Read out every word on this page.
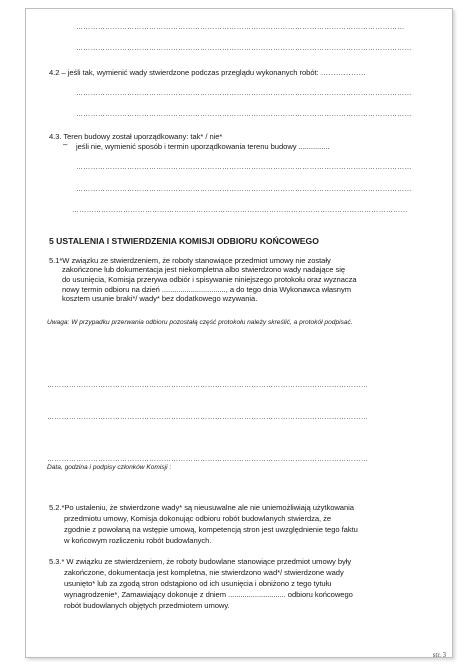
………………………………………………………………………………………………………………………
…………………………………………………………………………………………………………………………
4.2 – jeśli tak, wymienić wady stwierdzone podczas przeglądu wykonanych robót: ………………
…………………………………………………………………………………………………………………………
…………………………………………………………………………………………………………………………
4.3. Teren budowy został uporządkowany: tak* / nie*
– jeśli nie, wymienić sposób i termin uporządkowania terenu budowy ...............
…………………………………………………………………………………………………………………………
…………………………………………………………………………………………………………………………
…………………………………………………………………………………………………………………………
5 USTALENIA I STWIERDZENIA KOMISJI ODBIORU KOŃCOWEGO
5.1*W związku ze stwierdzeniem, że roboty stanowiące przedmiot umowy nie zostały
zakończone lub dokumentacja jest niekompletna albo stwierdzono wady nadające się
do usunięcia, Komisja przerywa odbiór i spisywanie niniejszego protokołu oraz wyznacza
nowy termin odbioru na dzień ..............................., a do tego dnia Wykonawca własnym
kosztem usunie braki*/ wady* bez dodatkowego wzywania.
Uwaga: W przypadku przerwania odbioru pozostałą część protokołu należy skreślić, a protokół podpisać.
……………………………………………………………………………………………………………………
……………………………………………………………………………………………………………………
……………………………………………………………………………………………………………………
Data, godzina i podpisy członków Komisji :
5.2.*Po ustaleniu, że stwierdzone wady* są nieusuwalne ale nie uniemożliwiają użytkowania
przedmiotu umowy, Komisja dokonując odbioru robót budowlanych stwierdza, że
zgodnie z powołaną na wstępie umową, kompetencją stron jest uwzględnienie tego faktu
w końcowym rozliczeniu robót budowlanych.
5.3.* W związku ze stwierdzeniem, że roboty budowlane stanowiące przedmiot umowy były
zakończone, dokumentacja jest kompletna, nie stwierdzono wad*/ stwierdzone wady
usunięto* lub za zgodą stron odstąpiono od ich usunięcia i obniżono z tego tytułu
wynagrodzenie*, Zamawiający dokonuje z dniem ............................ odbioru końcowego
robót budowlanych objętych przedmiotem umowy.
str. 3
